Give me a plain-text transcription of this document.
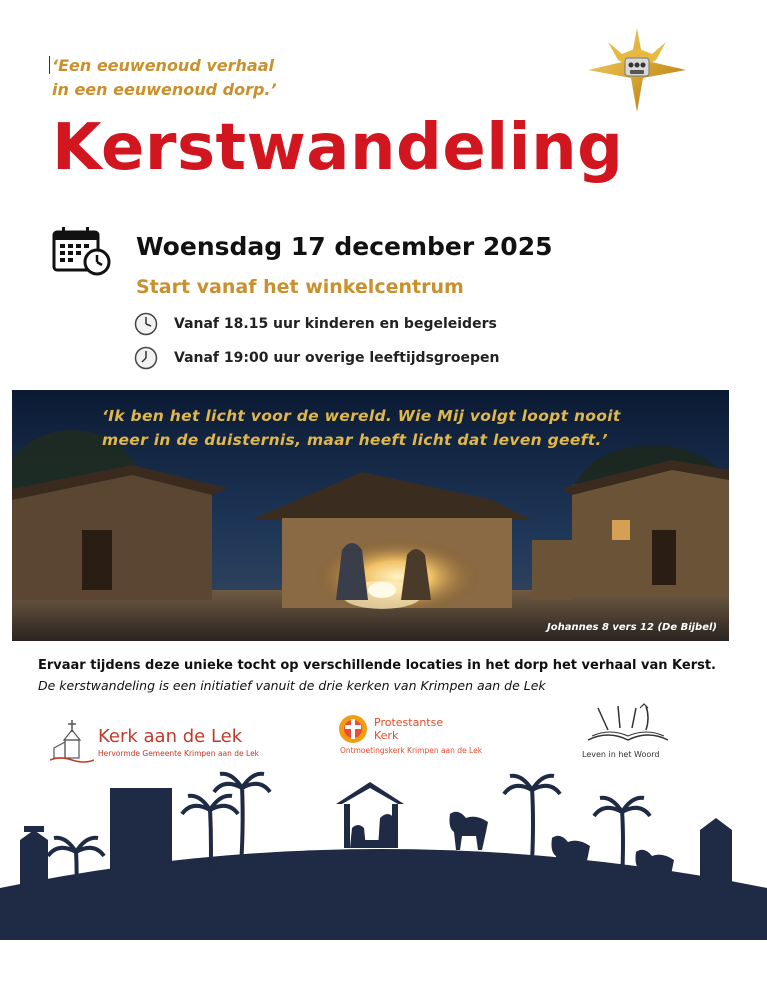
‘Een eeuwenoud verhaal
in een eeuwenoud dorp.’
Kerstwandeling
Woensdag 17 december 2025
Start vanaf het winkelcentrum
Vanaf 18.15 uur kinderen en begeleiders
Vanaf 19:00 uur overige leeftijdsgroepen
‘Ik ben het licht voor de wereld. Wie Mij volgt loopt nooit meer in de duisternis, maar heeft licht dat leven geeft.’
Johannes 8 vers 12 (De Bijbel)
Ervaar tijdens deze unieke tocht op verschillende locaties in het dorp het verhaal van Kerst.
De kerstwandeling is een initiatief vanuit de drie kerken van Krimpen aan de Lek
Kerk aan de Lek
Hervormde Gemeente Krimpen aan de Lek
Protestantse
Kerk
Ontmoetingskerk Krimpen aan de Lek	Leven in het Woord
